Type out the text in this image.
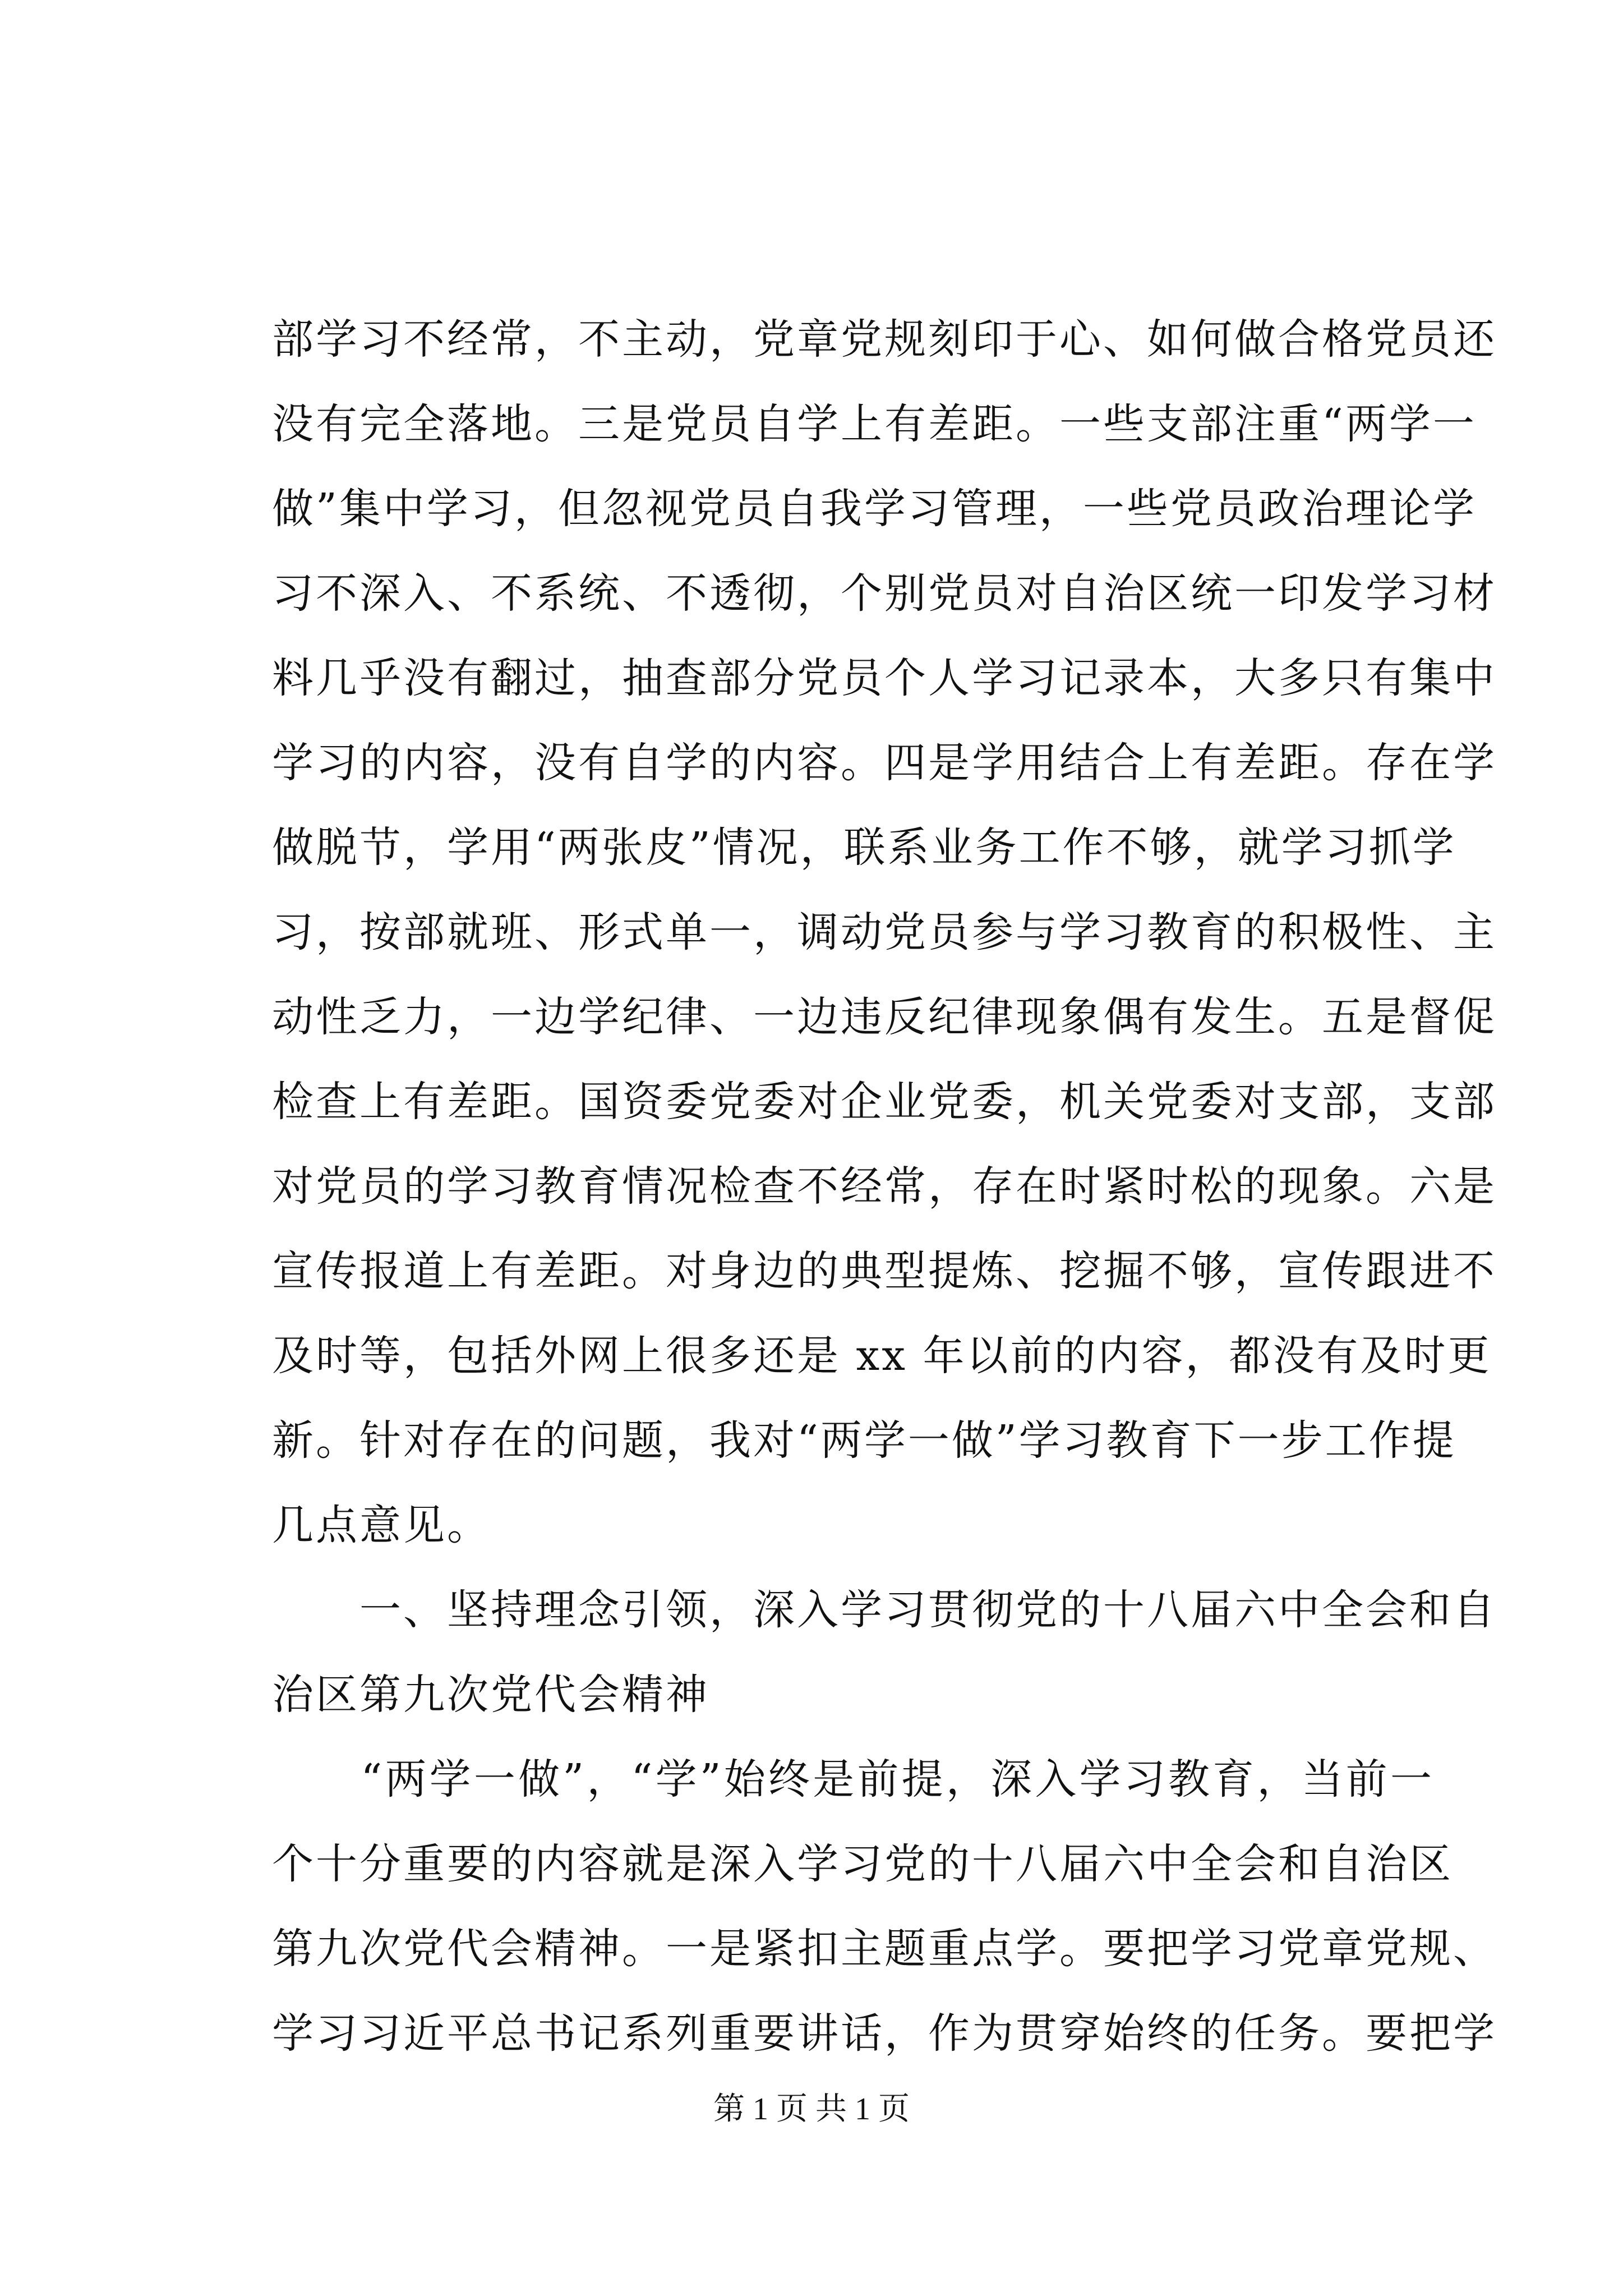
部学习不经常，不主动，党章党规刻印于心、如何做合格党员还
没有完全落地。三是党员自学上有差距。一些支部注重“两学一
做”集中学习，但忽视党员自我学习管理，一些党员政治理论学
习不深入、不系统、不透彻，个别党员对自治区统一印发学习材
料几乎没有翻过，抽查部分党员个人学习记录本，大多只有集中
学习的内容，没有自学的内容。四是学用结合上有差距。存在学
做脱节，学用“两张皮”情况，联系业务工作不够，就学习抓学
习，按部就班、形式单一，调动党员参与学习教育的积极性、主
动性乏力，一边学纪律、一边违反纪律现象偶有发生。五是督促
检查上有差距。国资委党委对企业党委，机关党委对支部，支部
对党员的学习教育情况检查不经常，存在时紧时松的现象。六是
宣传报道上有差距。对身边的典型提炼、挖掘不够，宣传跟进不
及时等，包括外网上很多还是 xx 年以前的内容，都没有及时更
新。针对存在的问题，我对“两学一做”学习教育下一步工作提
几点意见。
　　一、坚持理念引领，深入学习贯彻党的十八届六中全会和自
治区第九次党代会精神
　　“两学一做”，“学”始终是前提，深入学习教育，当前一
个十分重要的内容就是深入学习党的十八届六中全会和自治区
第九次党代会精神。一是紧扣主题重点学。要把学习党章党规、
学习习近平总书记系列重要讲话，作为贯穿始终的任务。要把学
第 1 页 共 1 页
